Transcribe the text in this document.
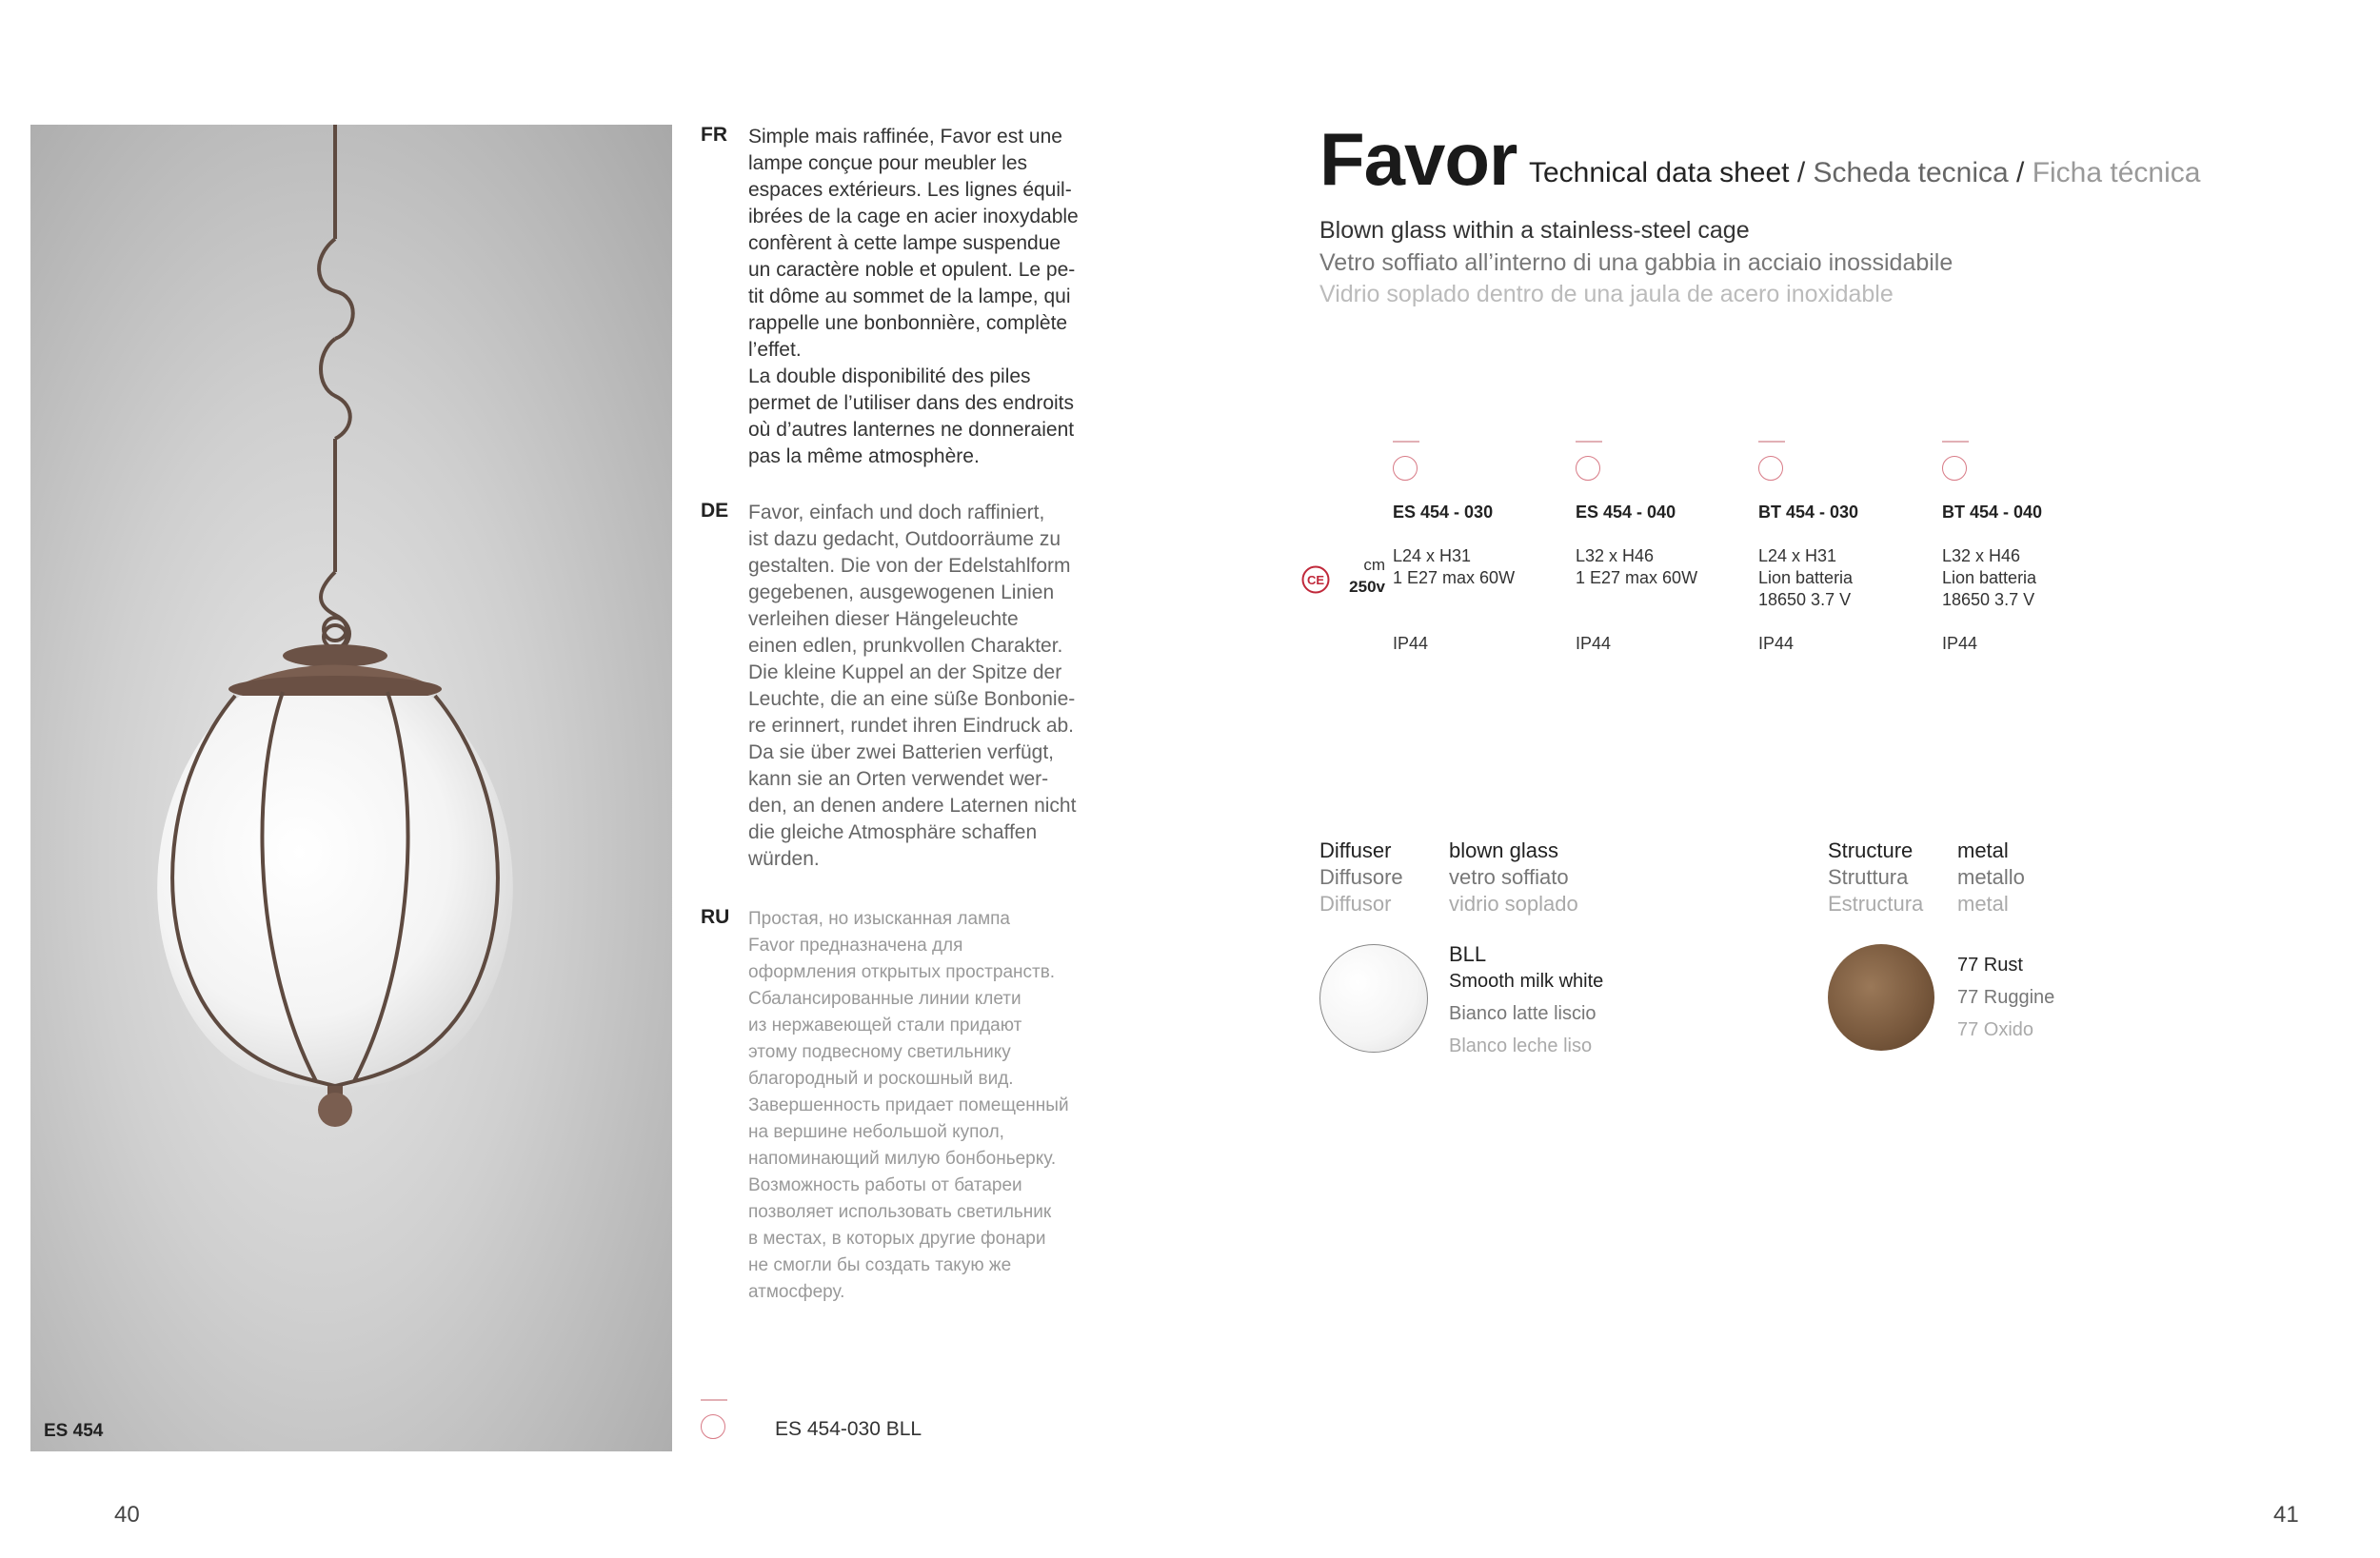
ES 454
FR	Simple mais raffinée, Favor est une
lampe conçue pour meubler les
espaces extérieurs. Les lignes équil-
ibrées de la cage en acier inoxydable
confèrent à cette lampe suspendue
un caractère noble et opulent. Le pe-
tit dôme au sommet de la lampe, qui
rappelle une bonbonnière, complète
l’effet.
La double disponibilité des piles
permet de l’utiliser dans des endroits
où d’autres lanternes ne donneraient
pas la même atmosphère.
DE Favor, einfach und doch raffiniert,
ist dazu gedacht, Outdoorräume zu
gestalten. Die von der Edelstahlform
gegebenen, ausgewogenen Linien
verleihen dieser Hängeleuchte
einen edlen, prunkvollen Charakter.
Die kleine Kuppel an der Spitze der
Leuchte, die an eine süße Bonbonie-
re erinnert, rundet ihren Eindruck ab.
Da sie über zwei Batterien verfügt,
kann sie an Orten verwendet wer-
den, an denen andere Laternen nicht
die gleiche Atmosphäre schaffen
würden.
RU	Простая, но изысканная лампа
Favor предназначена для
оформления открытых пространств.
Сбалансированные линии клети
из нержавеющей стали придают
этому подвесному светильнику
благородный и роскошный вид.
Завершенность придает помещенный
на вершине небольшой купол,
напоминающий милую бонбоньерку.
Возможность работы от батареи
позволяет использовать светильник
в местах, в которых другие фонари
не смогли бы создать такую же
атмосферу.
ES 454-030 BLL
40
Favor Technical data sheet / Scheda tecnica / Ficha técnica
Blown glass within a stainless-steel cage
Vetro soffiato all’interno di una gabbia in acciaio inossidabile
Vidrio soplado dentro de una jaula de acero inoxidable
CE
cm
250v
ES 454 - 030
L24 x H31
1 E27 max 60W
IP44
ES 454 - 040
L32 x H46
1 E27 max 60W
IP44
BT 454 - 030
L24 x H31
Lion batteria
18650 3.7 V
IP44
BT 454 - 040
L32 x H46
Lion batteria
18650 3.7 V
IP44
Diffuser
Diffusore
Diffusor
blown glass
vetro soffiato
vidrio soplado
BLL
Smooth milk white
Bianco latte liscio
Blanco leche liso
Structure
Struttura
Estructura
metal
metallo
metal
77 Rust
77 Ruggine
77 Oxido
41
